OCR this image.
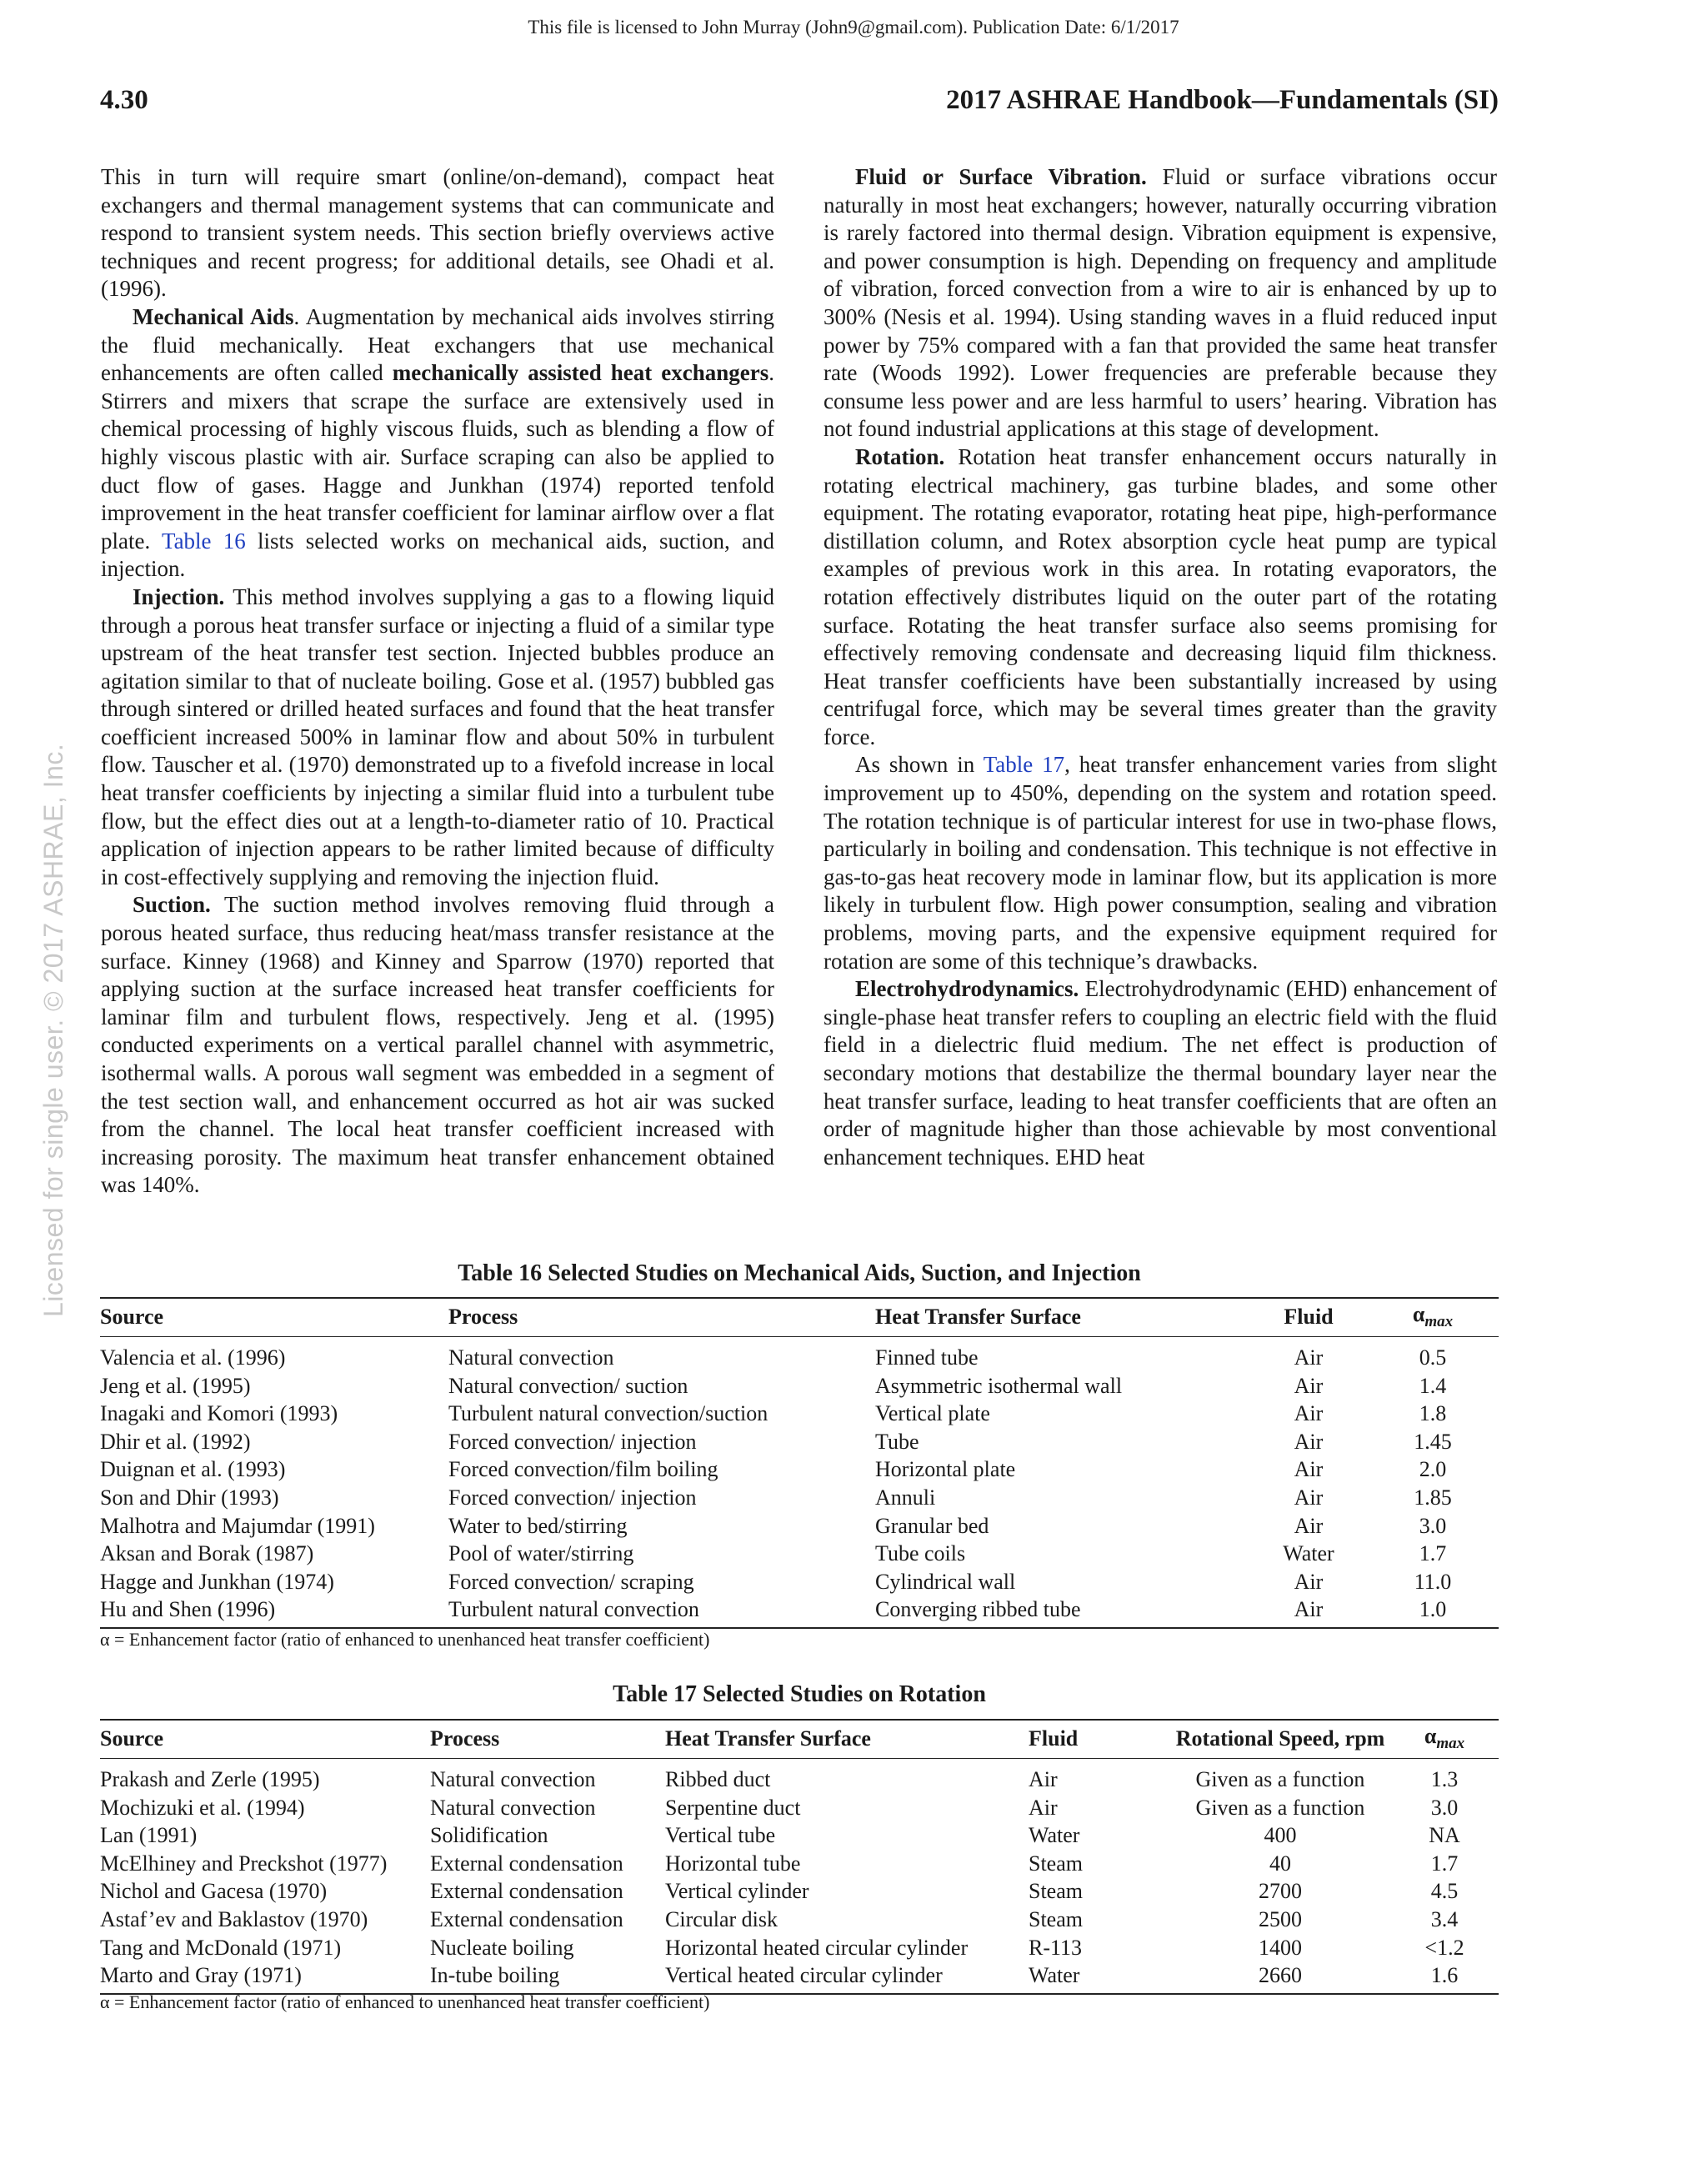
This file is licensed to John Murray (John9@gmail.com). Publication Date: 6/1/2017
Licensed for single user. © 2017 ASHRAE, Inc.
4.30	2017 ASHRAE Handbook—Fundamentals (SI)

This in turn will require smart (online/on-demand), compact heat exchangers and thermal management systems that can communicate and respond to transient system needs. This section briefly overviews active techniques and recent progress; for additional details, see Ohadi et al. (1996).

Mechanical Aids. Augmentation by mechanical aids involves stirring the fluid mechanically. Heat exchangers that use mechanical enhancements are often called mechanically assisted heat exchangers. Stirrers and mixers that scrape the surface are extensively used in chemical processing of highly viscous fluids, such as blending a flow of highly viscous plastic with air. Surface scraping can also be applied to duct flow of gases. Hagge and Junkhan (1974) reported tenfold improvement in the heat transfer coefficient for laminar airflow over a flat plate. Table 16 lists selected works on mechanical aids, suction, and injection.

Injection. This method involves supplying a gas to a flowing liquid through a porous heat transfer surface or injecting a fluid of a similar type upstream of the heat transfer test section. Injected bubbles produce an agitation similar to that of nucleate boiling. Gose et al. (1957) bubbled gas through sintered or drilled heated surfaces and found that the heat transfer coefficient increased 500% in laminar flow and about 50% in turbulent flow. Tauscher et al. (1970) demonstrated up to a fivefold increase in local heat transfer coefficients by injecting a similar fluid into a turbulent tube flow, but the effect dies out at a length-to-diameter ratio of 10. Practical application of injection appears to be rather limited because of difficulty in cost-effectively supplying and removing the injection fluid.

Suction. The suction method involves removing fluid through a porous heated surface, thus reducing heat/mass transfer resistance at the surface. Kinney (1968) and Kinney and Sparrow (1970) reported that applying suction at the surface increased heat transfer coefficients for laminar film and turbulent flows, respectively. Jeng et al. (1995) conducted experiments on a vertical parallel channel with asymmetric, isothermal walls. A porous wall segment was embedded in a segment of the test section wall, and enhancement occurred as hot air was sucked from the channel. The local heat transfer coefficient increased with increasing porosity. The maximum heat transfer enhancement obtained was 140%.

Fluid or Surface Vibration. Fluid or surface vibrations occur naturally in most heat exchangers; however, naturally occurring vibration is rarely factored into thermal design. Vibration equipment is expensive, and power consumption is high. Depending on frequency and amplitude of vibration, forced convection from a wire to air is enhanced by up to 300% (Nesis et al. 1994). Using standing waves in a fluid reduced input power by 75% compared with a fan that provided the same heat transfer rate (Woods 1992). Lower frequencies are preferable because they consume less power and are less harmful to users’ hearing. Vibration has not found industrial applications at this stage of development.

Rotation. Rotation heat transfer enhancement occurs naturally in rotating electrical machinery, gas turbine blades, and some other equipment. The rotating evaporator, rotating heat pipe, high-performance distillation column, and Rotex absorption cycle heat pump are typical examples of previous work in this area. In rotating evaporators, the rotation effectively distributes liquid on the outer part of the rotating surface. Rotating the heat transfer surface also seems promising for effectively removing condensate and decreasing liquid film thickness. Heat transfer coefficients have been substantially increased by using centrifugal force, which may be several times greater than the gravity force.

As shown in Table 17, heat transfer enhancement varies from slight improvement up to 450%, depending on the system and rotation speed. The rotation technique is of particular interest for use in two-phase flows, particularly in boiling and condensation. This technique is not effective in gas-to-gas heat recovery mode in laminar flow, but its application is more likely in turbulent flow. High power consumption, sealing and vibration problems, moving parts, and the expensive equipment required for rotation are some of this technique’s drawbacks.

Electrohydrodynamics. Electrohydrodynamic (EHD) enhancement of single-phase heat transfer refers to coupling an electric field with the fluid field in a dielectric fluid medium. The net effect is production of secondary motions that destabilize the thermal boundary layer near the heat transfer surface, leading to heat transfer coefficients that are often an order of magnitude higher than those achievable by most conventional enhancement techniques. EHD heat

Table 16 Selected Studies on Mechanical Aids, Suction, and Injection
Source	Process	Heat Transfer Surface	Fluid	$\alpha_{max}$
Valencia et al. (1996)	Natural convection	Finned tube	Air	0.5
Jeng et al. (1995)	Natural convection/ suction	Asymmetric isothermal wall	Air	1.4
Inagaki and Komori (1993)	Turbulent natural convection/suction	Vertical plate	Air	1.8
Dhir et al. (1992)	Forced convection/ injection	Tube	Air	1.45
Duignan et al. (1993)	Forced convection/film boiling	Horizontal plate	Air	2.0
Son and Dhir (1993)	Forced convection/ injection	Annuli	Air	1.85
Malhotra and Majumdar (1991)	Water to bed/stirring	Granular bed	Air	3.0
Aksan and Borak (1987)	Pool of water/stirring	Tube coils	Water	1.7
Hagge and Junkhan (1974)	Forced convection/ scraping	Cylindrical wall	Air	11.0
Hu and Shen (1996)	Turbulent natural convection	Converging ribbed tube	Air	1.0
α = Enhancement factor (ratio of enhanced to unenhanced heat transfer coefficient)
Table 17 Selected Studies on Rotation
Source	Process	Heat Transfer Surface	Fluid	Rotational Speed, rpm	$\alpha_{max}$
Prakash and Zerle (1995)	Natural convection	Ribbed duct	Air	Given as a function	1.3
Mochizuki et al. (1994)	Natural convection	Serpentine duct	Air	Given as a function	3.0
Lan (1991)	Solidification	Vertical tube	Water	400	NA
McElhiney and Preckshot (1977)	External condensation	Horizontal tube	Steam	40	1.7
Nichol and Gacesa (1970)	External condensation	Vertical cylinder	Steam	2700	4.5
Astaf’ev and Baklastov (1970)	External condensation	Circular disk	Steam	2500	3.4
Tang and McDonald (1971)	Nucleate boiling	Horizontal heated circular cylinder	R-113	1400	<1.2
Marto and Gray (1971)	In-tube boiling	Vertical heated circular cylinder	Water	2660	1.6
α = Enhancement factor (ratio of enhanced to unenhanced heat transfer coefficient)
